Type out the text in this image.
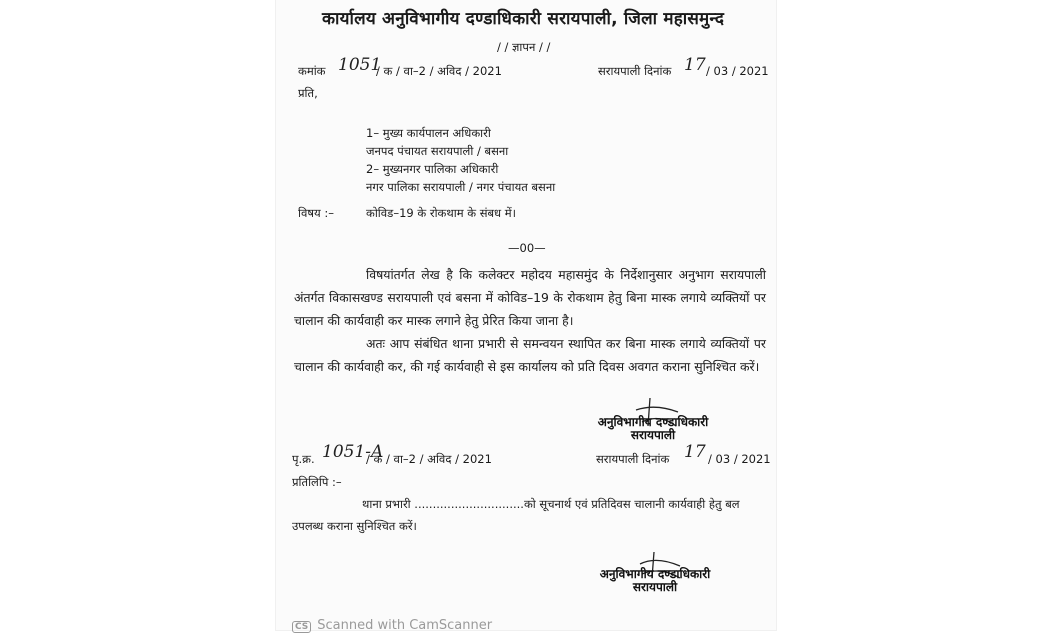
कार्यालय अनुविभागीय दण्डाधिकारी सरायपाली, जिला महासमुन्द
/ / ज्ञापन / /
कमांक 1051
/ क / वा–2 / अविद / 2021	सरायपाली दिनांक 17 / 03 / 2021
प्रति,
1– मुख्य कार्यपालन अधिकारी
जनपद पंचायत सरायपाली / बसना
2– मुख्यनगर पालिका अधिकारी
नगर पालिका सरायपाली / नगर पंचायत बसना
विषय :–	कोविड–19 के रोकथाम के संबध में।
—00—
विषयांतर्गत लेख है कि कलेक्टर महोदय महासमुंद के निर्देशानुसार अनुभाग सरायपाली अंतर्गत विकासखण्ड सरायपाली एवं बसना में कोविड–19 के रोकथाम हेतु बिना मास्क लगाये व्यक्तियों पर चालान की कार्यवाही कर मास्क लगाने हेतु प्रेरित किया जाना है।
अतः आप संबंधित थाना प्रभारी से समन्वयन स्थापित कर बिना मास्क लगाये व्यक्तियों पर चालान की कार्यवाही कर, की गई कार्यवाही से इस कार्यालय को प्रति दिवस अवगत कराना सुनिश्चित करें।
अनुविभागीय दण्डाधिकारी
सरायपाली
पृ.क्र. 1051-A
/ क / वा–2 / अविद / 2021	सरायपाली दिनांक 17 / 03 / 2021
प्रतिलिपि :–
थाना प्रभारी ..............................को सूचनार्थ एवं प्रतिदिवस चालानी कार्यवाही हेतु बल
उपलब्ध कराना सुनिश्चित करें।
अनुविभागीय दण्डाधिकारी
सरायपाली
CS Scanned with CamScanner
